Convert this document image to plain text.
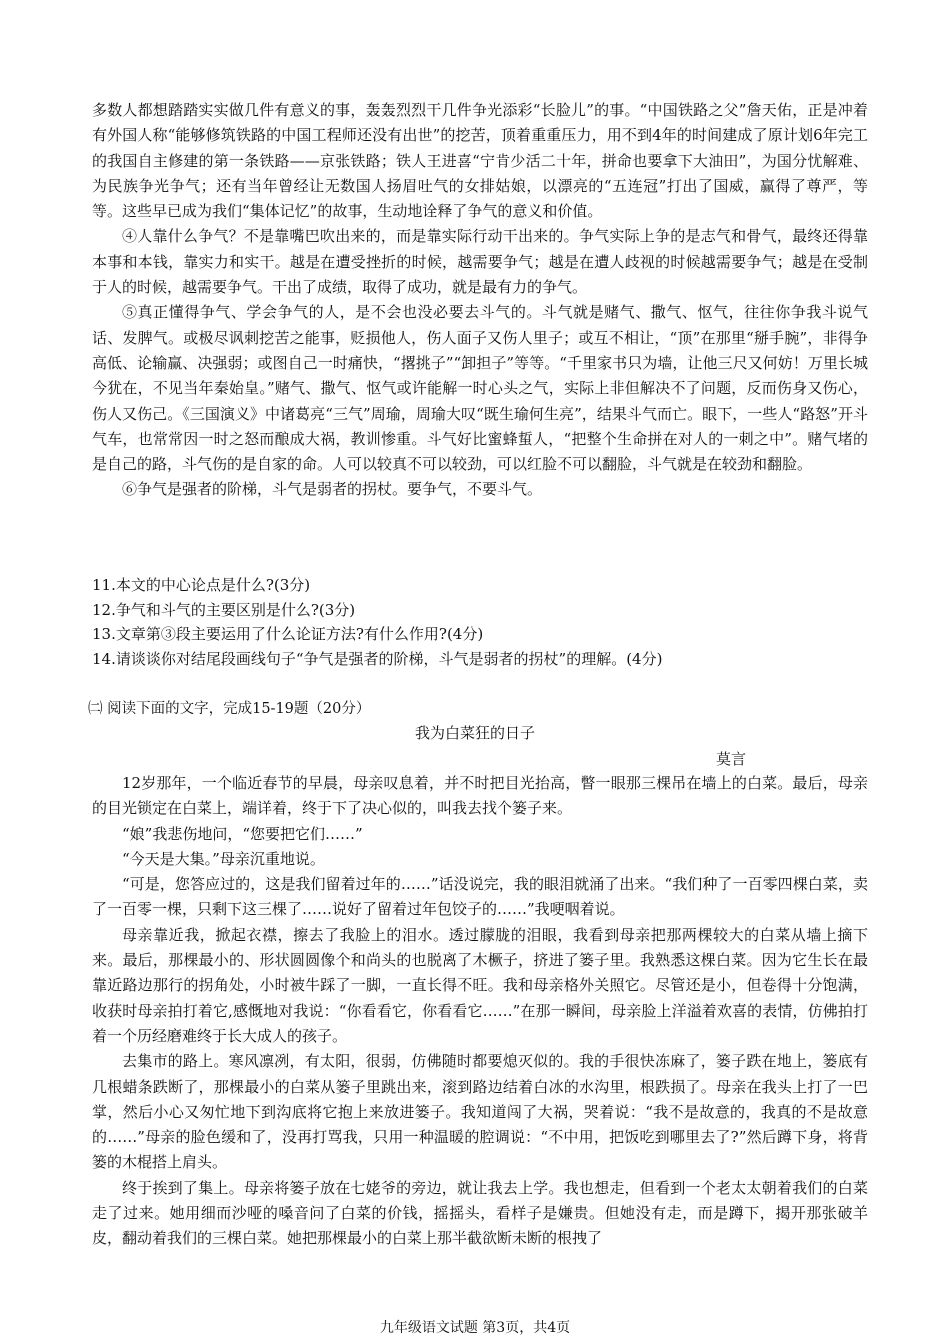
多数人都想踏踏实实做几件有意义的事，轰轰烈烈干几件争光添彩“长脸儿”的事。“中国铁路之父”詹天佑，正是冲着有外国人称“能够修筑铁路的中国工程师还没有出世”的挖苦，顶着重重压力，用不到4年的时间建成了原计划6年完工的我国自主修建的第一条铁路——京张铁路；铁人王进喜“宁肯少活二十年，拼命也要拿下大油田”，为国分忧解难、为民族争光争气；还有当年曾经让无数国人扬眉吐气的女排姑娘，以漂亮的“五连冠”打出了国威，赢得了尊严，等等。这些早已成为我们“集体记忆”的故事，生动地诠释了争气的意义和价值。

④人靠什么争气？不是靠嘴巴吹出来的，而是靠实际行动干出来的。争气实际上争的是志气和骨气，最终还得靠本事和本钱，靠实力和实干。越是在遭受挫折的时候，越需要争气；越是在遭人歧视的时候越需要争气；越是在受制于人的时候，越需要争气。干出了成绩，取得了成功，就是最有力的争气。

⑤真正懂得争气、学会争气的人，是不会也没必要去斗气的。斗气就是赌气、撒气、怄气，往往你争我斗说气话、发脾气。或极尽讽刺挖苦之能事，贬损他人，伤人面子又伤人里子；或互不相让，“顶”在那里“掰手腕”，非得争高低、论输赢、决强弱；或图自己一时痛快，“撂挑子”“卸担子”等等。“千里家书只为墙，让他三尺又何妨！万里长城今犹在，不见当年秦始皇。”赌气、撒气、怄气或许能解一时心头之气，实际上非但解决不了问题，反而伤身又伤心，伤人又伤己。《三国演义》中诸葛亮“三气”周瑜，周瑜大叹“既生瑜何生亮”，结果斗气而亡。眼下，一些人“路怒”开斗气车，也常常因一时之怒而酿成大祸，教训惨重。斗气好比蜜蜂蜇人，“把整个生命拼在对人的一刺之中”。赌气堵的是自己的路，斗气伤的是自家的命。人可以较真不可以较劲，可以红脸不可以翻脸，斗气就是在较劲和翻脸。

⑥争气是强者的阶梯，斗气是弱者的拐杖。要争气，不要斗气。

11.本文的中心论点是什么?(3分)

12.争气和斗气的主要区别是什么?(3分)

13.文章第③段主要运用了什么论证方法?有什么作用?(4分)

14.请谈谈你对结尾段画线句子“争气是强者的阶梯，斗气是弱者的拐杖”的理解。(4分)

㈡ 阅读下面的文字，完成15-19题（20分）
我为白菜狂的日子
莫言

12岁那年，一个临近春节的早晨，母亲叹息着，并不时把目光抬高，瞥一眼那三棵吊在墙上的白菜。最后，母亲的目光锁定在白菜上，端详着，终于下了决心似的，叫我去找个篓子来。

“娘”我悲伤地问，“您要把它们……”

“今天是大集。”母亲沉重地说。

“可是，您答应过的，这是我们留着过年的……”话没说完，我的眼泪就涌了出来。“我们种了一百零四棵白菜，卖了一百零一棵，只剩下这三棵了……说好了留着过年包饺子的……”我哽咽着说。

母亲靠近我，掀起衣襟，擦去了我脸上的泪水。透过朦胧的泪眼，我看到母亲把那两棵较大的白菜从墙上摘下来。最后，那棵最小的、形状圆圆像个和尚头的也脱离了木橛子，挤进了篓子里。我熟悉这棵白菜。因为它生长在最靠近路边那行的拐角处，小时被牛踩了一脚，一直长得不旺。我和母亲格外关照它。尽管还是小，但卷得十分饱满，收获时母亲拍打着它,感慨地对我说：“你看看它，你看看它……”在那一瞬间，母亲脸上洋溢着欢喜的表情，仿佛拍打着一个历经磨难终于长大成人的孩子。

去集市的路上。寒风凛冽，有太阳，很弱，仿佛随时都要熄灭似的。我的手很快冻麻了，篓子跌在地上，篓底有几根蜡条跌断了，那棵最小的白菜从篓子里跳出来，滚到路边结着白冰的水沟里，根跌损了。母亲在我头上打了一巴掌，然后小心又匆忙地下到沟底将它抱上来放进篓子。我知道闯了大祸，哭着说：“我不是故意的，我真的不是故意的……”母亲的脸色缓和了，没再打骂我，只用一种温暖的腔调说：“不中用，把饭吃到哪里去了?”然后蹲下身，将背篓的木棍搭上肩头。

终于挨到了集上。母亲将篓子放在七姥爷的旁边，就让我去上学。我也想走，但看到一个老太太朝着我们的白菜走了过来。她用细而沙哑的嗓音问了白菜的价钱，摇摇头，看样子是嫌贵。但她没有走，而是蹲下，揭开那张破羊皮，翻动着我们的三棵白菜。她把那棵最小的白菜上那半截欲断未断的根拽了

九年级语文试题 第3页，共4页
